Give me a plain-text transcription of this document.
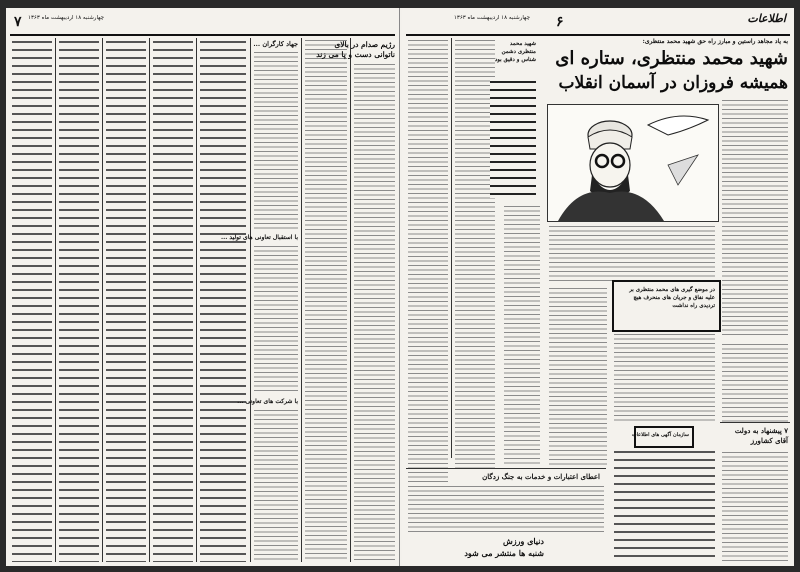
۷ چهارشنبه ۱۸ اردیبهشت ماه ۱۳۶۳
جهاد کارگران ...
با استقبال تعاونی های تولید ...
با شرکت های تعاونی ...
رژیم صدام در بالای
ناتوانی دست و پا می زند
چهارشنبه ۱۸ اردیبهشت ماه ۱۳۶۳ ۶	اطلاعات
به یاد مجاهد راستین و مبارز راه حق شهید محمد منتظری:
شهید محمد منتظری، ستاره ای
همیشه فروزان در آسمان انقلاب
شهید محمد منتظری دشمن شناس و دقیق بود
در موضع گیری های محمد منتظری بر علیه نفاق و جریان های منحرف هیچ تردیدی راه نداشت
سازمان آگهی های اطلاعات	۷ پیشنهاد به دولت آقای کشاورز
اعطای اعتبارات و خدمات به جنگ زدگان
دنیای ورزش
شنبه ها منتشر می شود
